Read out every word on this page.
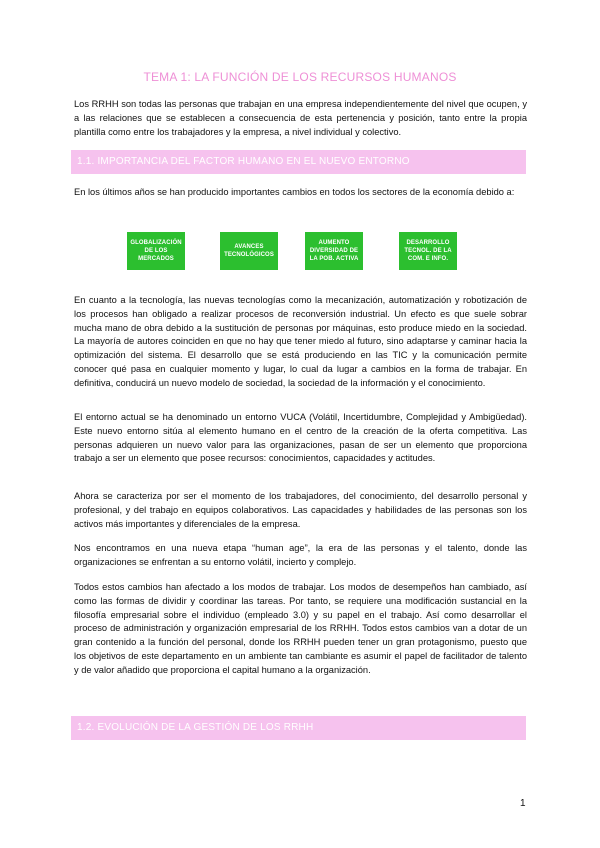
TEMA 1: LA FUNCIÓN DE LOS RECURSOS HUMANOS

Los RRHH son todas las personas que trabajan en una empresa independientemente del nivel que ocupen, y a las relaciones que se establecen a consecuencia de esta pertenencia y posición, tanto entre la propia plantilla como entre los trabajadores y la empresa, a nivel individual y colectivo.

1.1. IMPORTANCIA DEL FACTOR HUMANO EN EL NUEVO ENTORNO

En los últimos años se han producido importantes cambios en todos los sectores de la economía debido a:

GLOBALIZACIÓN DE LOS MERCADOS
AVANCES TECNOLÓGICOS
AUMENTO DIVERSIDAD DE LA POB. ACTIVA
DESARROLLO TECNOL. DE LA COM. E INFO.

En cuanto a la tecnología, las nuevas tecnologías como la mecanización, automatización y robotización de los procesos han obligado a realizar procesos de reconversión industrial. Un efecto es que suele sobrar mucha mano de obra debido a la sustitución de personas por máquinas, esto produce miedo en la sociedad. La mayoría de autores coinciden en que no hay que tener miedo al futuro, sino adaptarse y caminar hacia la optimización del sistema. El desarrollo que se está produciendo en las TIC y la comunicación permite conocer qué pasa en cualquier momento y lugar, lo cual da lugar a cambios en la forma de trabajar. En definitiva, conducirá un nuevo modelo de sociedad, la sociedad de la información y el conocimiento.

El entorno actual se ha denominado un entorno VUCA (Volátil, Incertidumbre, Complejidad y Ambigüedad). Este nuevo entorno sitúa al elemento humano en el centro de la creación de la oferta competitiva. Las personas adquieren un nuevo valor para las organizaciones, pasan de ser un elemento que proporciona trabajo a ser un elemento que posee recursos: conocimientos, capacidades y actitudes.

Ahora se caracteriza por ser el momento de los trabajadores, del conocimiento, del desarrollo personal y profesional, y del trabajo en equipos colaborativos. Las capacidades y habilidades de las personas son los activos más importantes y diferenciales de la empresa.

Nos encontramos en una nueva etapa “human age”, la era de las personas y el talento, donde las organizaciones se enfrentan a su entorno volátil, incierto y complejo.

Todos estos cambios han afectado a los modos de trabajar. Los modos de desempeños han cambiado, así como las formas de dividir y coordinar las tareas. Por tanto, se requiere una modificación sustancial en la filosofía empresarial sobre el individuo (empleado 3.0) y su papel en el trabajo. Así como desarrollar el proceso de administración y organización empresarial de los RRHH. Todos estos cambios van a dotar de un gran contenido a la función del personal, donde los RRHH pueden tener un gran protagonismo, puesto que los objetivos de este departamento en un ambiente tan cambiante es asumir el papel de facilitador de talento y de valor añadido que proporciona el capital humano a la organización.

1.2. EVOLUCIÓN DE LA GESTIÓN DE LOS RRHH
1
